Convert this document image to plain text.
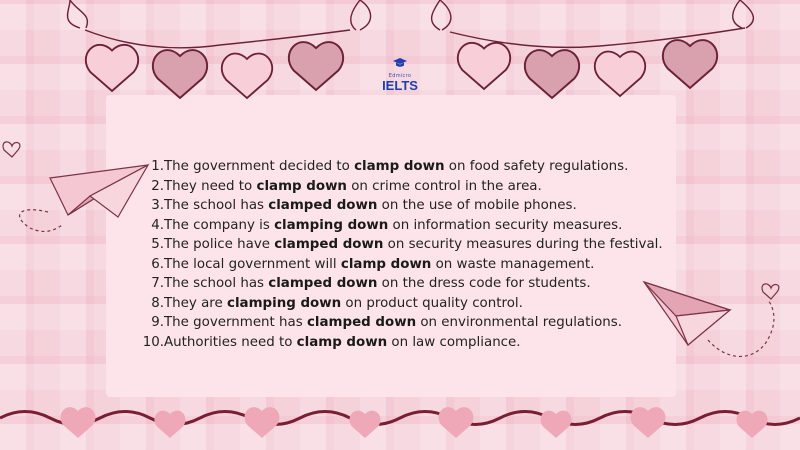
Edmicro
IELTS
1. The government decided to clamp down on food safety regulations.
2. They need to clamp down on crime control in the area.
3. The school has clamped down on the use of mobile phones.
4. The company is clamping down on information security measures.
5. The police have clamped down on security measures during the festival.
6. The local government will clamp down on waste management.
7. The school has clamped down on the dress code for students.
8. They are clamping down on product quality control.
9. The government has clamped down on environmental regulations.
10. Authorities need to clamp down on law compliance.
